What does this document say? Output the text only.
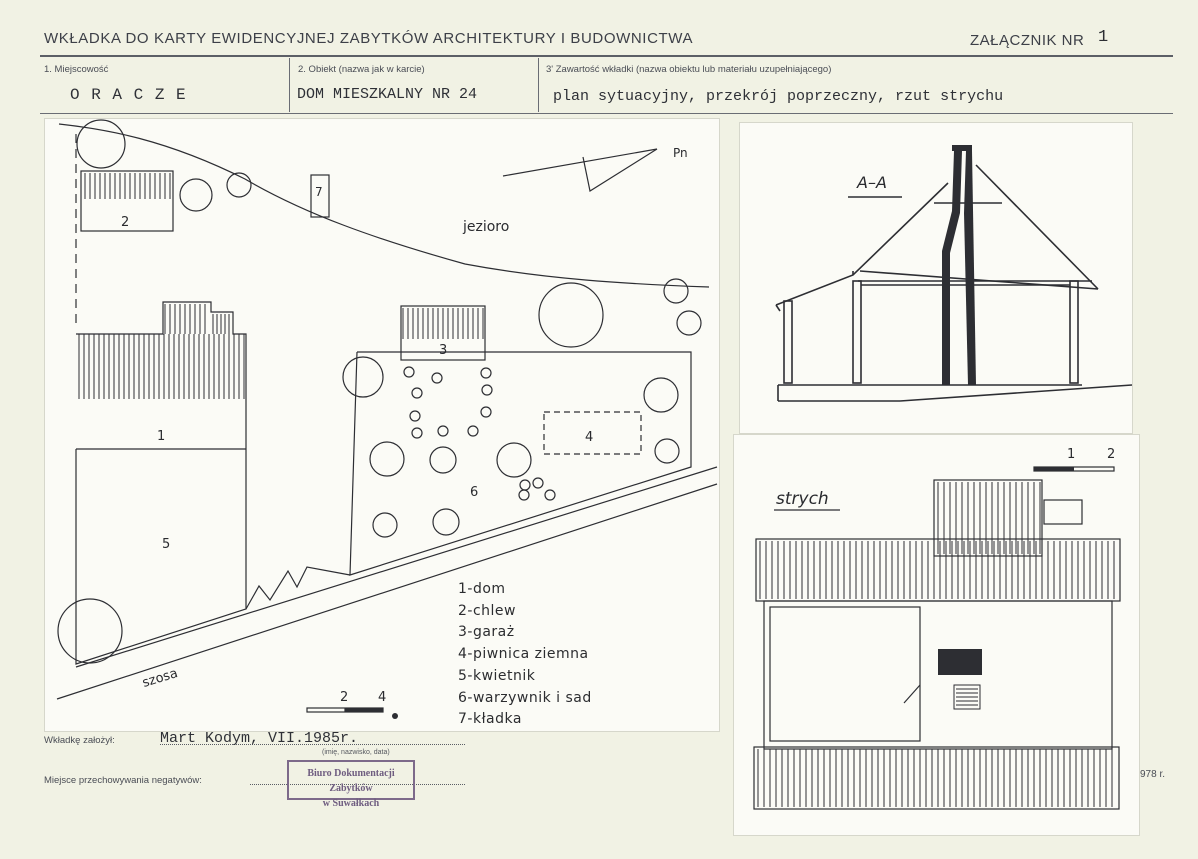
WKŁADKA DO KARTY EWIDENCYJNEJ ZABYTKÓW ARCHITEKTURY I BUDOWNICTWA	ZAŁĄCZNIK NR 1
1. Miejscowość
O R A C Z E
2. Obiekt (nazwa jak w karcie)
DOM MIESZKALNY NR 24
3' Zawartość wkładki (nazwa obiektu lub materiału uzupełniającego)
plan sytuacyjny, przekrój poprzeczny, rzut strychu
2
7
1
5
3
4
6
jezioro
Pn
szosa
2 4
1-dom
2-chlew
3-garaż
4-piwnica ziemna
5-kwietnik
6-warzywnik i sad
7-kładka
A–A
1 2
strych
Wkładkę założył:	Mart Kodym, VII.1985r.
(imię, nazwisko, data)
Miejsce przechowywania negatywów:
Biuro Dokumentacji Zabytków
w Suwałkach
978 r.
